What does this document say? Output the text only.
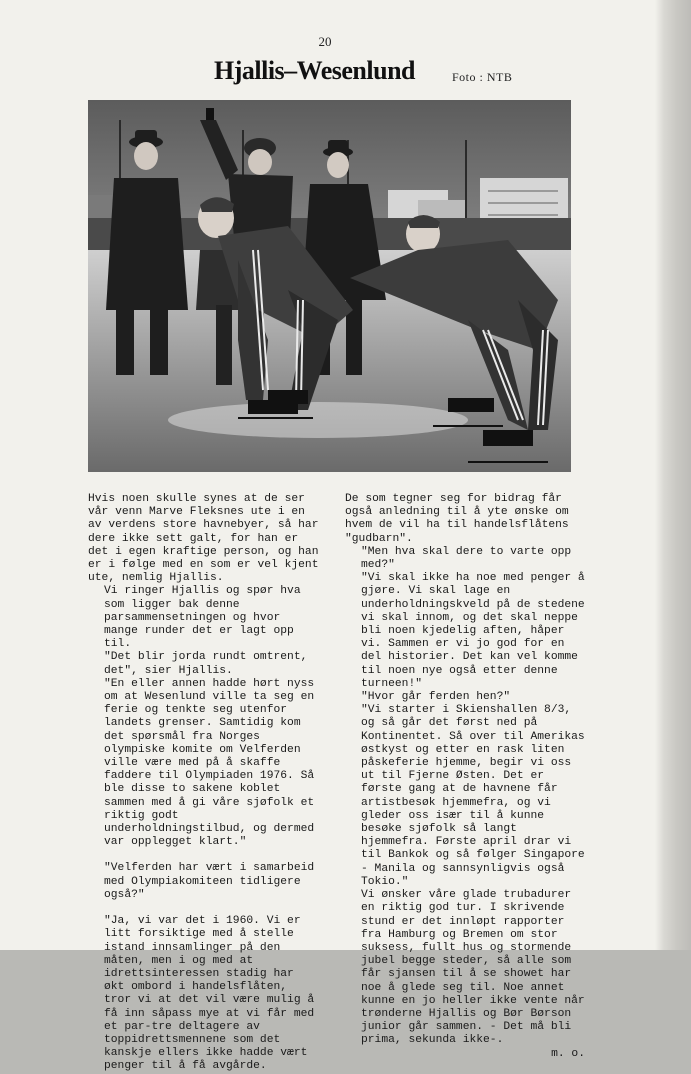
20
Hjallis–Wesenlund	Foto : NTB

Hvis noen skulle synes at de ser vår venn Marve Fleksnes ute i en av verdens store havnebyer, så har dere ikke sett galt, for han er det i egen kraftige person, og han er i følge med en som er vel kjent ute, nemlig Hjallis.

Vi ringer Hjallis og spør hva som ligger bak denne parsammensetningen og hvor mange runder det er lagt opp til.

"Det blir jorda rundt omtrent, det", sier Hjallis.

"En eller annen hadde hørt nyss om at Wesenlund ville ta seg en ferie og tenkte seg utenfor landets grenser. Samtidig kom det spørsmål fra Norges olympiske komite om Velferden ville være med på å skaffe faddere til Olympiaden 1976. Så ble disse to sakene koblet sammen med å gi våre sjøfolk et riktig godt underholdningstilbud, og dermed var opplegget klart."

"Velferden har vært i samarbeid med Olympiakomiteen tidligere også?"

"Ja, vi var det i 1960. Vi er litt forsiktige med å stelle istand innsamlinger på den måten, men i og med at idrettsinteressen stadig har økt ombord i handelsflåten, tror vi at det vil være mulig å få inn såpass mye at vi får med et par-tre deltagere av toppidrettsmennene som det kanskje ellers ikke hadde vært penger til å få avgårde.

De som tegner seg for bidrag får også anledning til å yte ønske om hvem de vil ha til handelsflåtens "gudbarn".

"Men hva skal dere to varte opp med?"

"Vi skal ikke ha noe med penger å gjøre. Vi skal lage en underholdningskveld på de stedene vi skal innom, og det skal neppe bli noen kjedelig aften, håper vi. Sammen er vi jo god for en del historier. Det kan vel komme til noen nye også etter denne turneen!"

"Hvor går ferden hen?"

"Vi starter i Skienshallen 8/3, og så går det først ned på Kontinentet. Så over til Amerikas østkyst og etter en rask liten påskeferie hjemme, begir vi oss ut til Fjerne Østen. Det er første gang at de havnene får artistbesøk hjemmefra, og vi gleder oss især til å kunne besøke sjøfolk så langt hjemmefra. Første april drar vi til Bankok og så følger Singapore - Manila og sannsynligvis også Tokio."

Vi ønsker våre glade trubadurer en riktig god tur. I skrivende stund er det innløpt rapporter fra Hamburg og Bremen om stor suksess, fullt hus og stormende jubel begge steder, så alle som får sjansen til å se showet har noe å glede seg til. Noe annet kunne en jo heller ikke vente når trønderne Hjallis og Bør Børson junior går sammen. - Det må bli prima, sekunda ikke-.

m. o.
